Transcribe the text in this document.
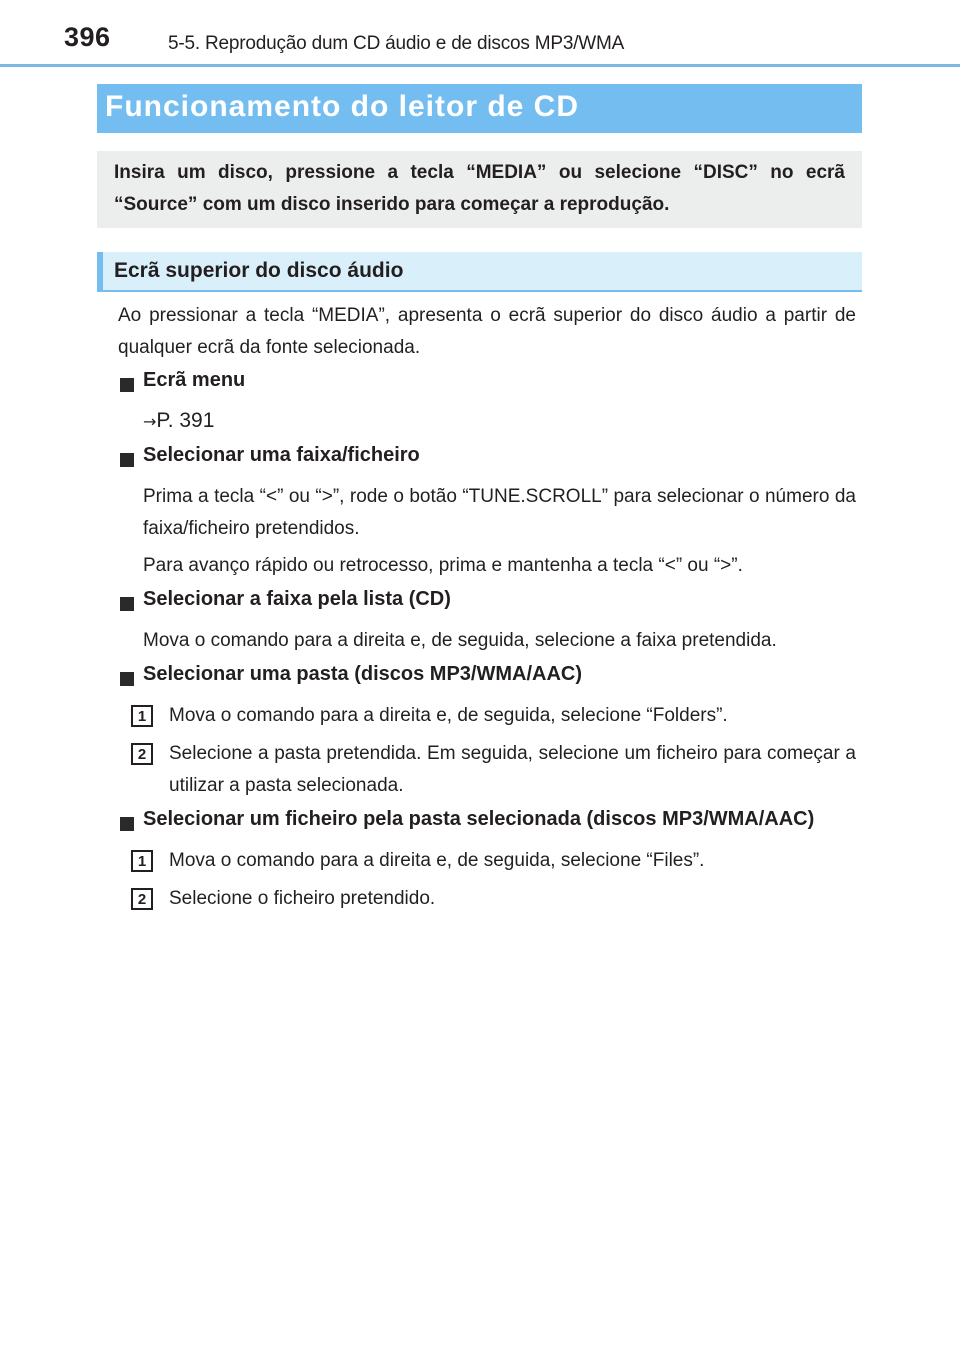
396	5-5. Reprodução dum CD áudio e de discos MP3/WMA
Funcionamento do leitor de CD
Insira um disco, pressione a tecla “MEDIA” ou selecione “DISC” no ecrã “Source” com um disco inserido para começar a reprodução.
Ecrã superior do disco áudio
Ao pressionar a tecla “MEDIA”, apresenta o ecrã superior do disco áudio a partir de qualquer ecrã da fonte selecionada.
Ecrã menu
→P. 391
Selecionar uma faixa/ficheiro
Prima a tecla “<” ou “>”, rode o botão “TUNE.SCROLL” para selecionar o número da faixa/ficheiro pretendidos.
Para avanço rápido ou retrocesso, prima e mantenha a tecla “<” ou “>”.
Selecionar a faixa pela lista (CD)
Mova o comando para a direita e, de seguida, selecione a faixa pretendida.
Selecionar uma pasta (discos MP3/WMA/AAC)
1	Mova o comando para a direita e, de seguida, selecione “Folders”.
2	Selecione a pasta pretendida. Em seguida, selecione um ficheiro para começar a utilizar a pasta selecionada.
Selecionar um ficheiro pela pasta selecionada (discos MP3/WMA/AAC)
1	Mova o comando para a direita e, de seguida, selecione “Files”.
2	Selecione o ficheiro pretendido.
